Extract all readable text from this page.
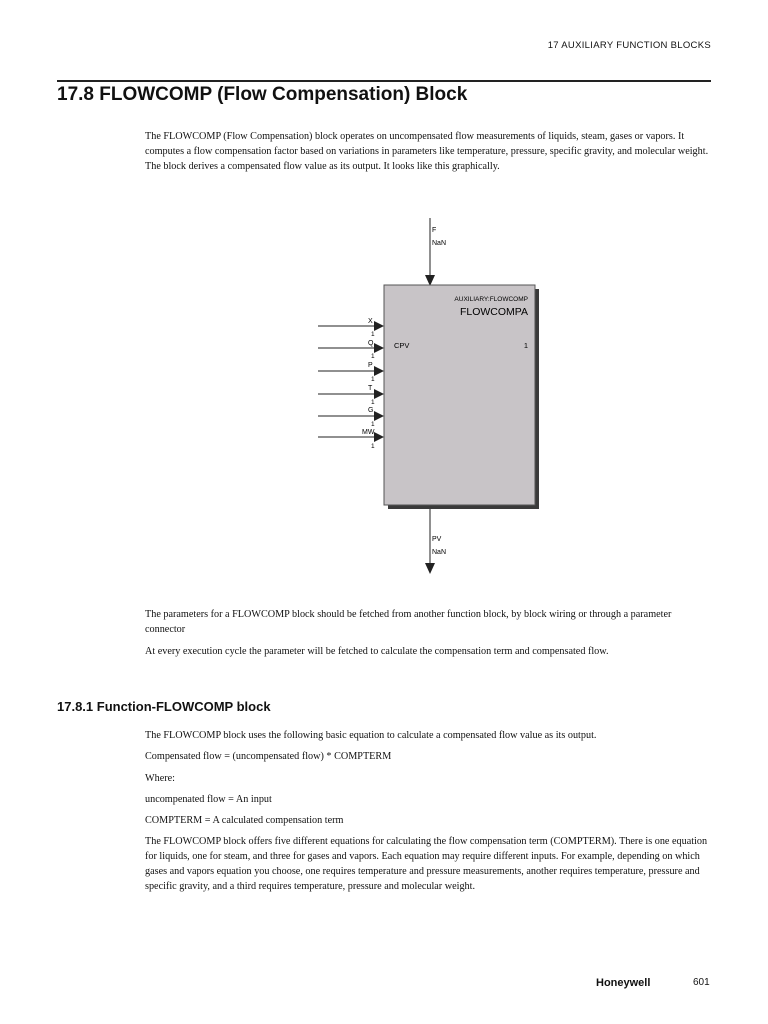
17 AUXILIARY FUNCTION BLOCKS
17.8 FLOWCOMP (Flow Compensation) Block

The FLOWCOMP (Flow Compensation) block operates on uncompensated flow measurements of liquids, steam, gases or vapors. It computes a flow compensation factor based on variations in parameters like temperature, pressure, specific gravity, and molecular weight. The block derives a compensated flow value as its output. It looks like this graphically.

F
NaN
AUXILIARY:FLOWCOMP
FLOWCOMPA
CPV	1
X
1
Q
1
P
1
T
1
G
1
MW
1
PV
NaN

The parameters for a FLOWCOMP block should be fetched from another function block, by block wiring or through a parameter connector

At every execution cycle the parameter will be fetched to calculate the compensation term and compensated flow.

17.8.1 Function-FLOWCOMP block

The FLOWCOMP block uses the following basic equation to calculate a compensated flow value as its output.

Compensated flow = (uncompensated flow) * COMPTERM

Where:

uncompenated flow = An input

COMPTERM = A calculated compensation term

The FLOWCOMP block offers five different equations for calculating the flow compensation term (COMPTERM). There is one equation for liquids, one for steam, and three for gases and vapors. Each equation may require different inputs. For example, depending on which gases and vapors equation you choose, one requires temperature and pressure measurements, another requires temperature, pressure and specific gravity, and a third requires temperature, pressure and molecular weight.

Honeywell	601
